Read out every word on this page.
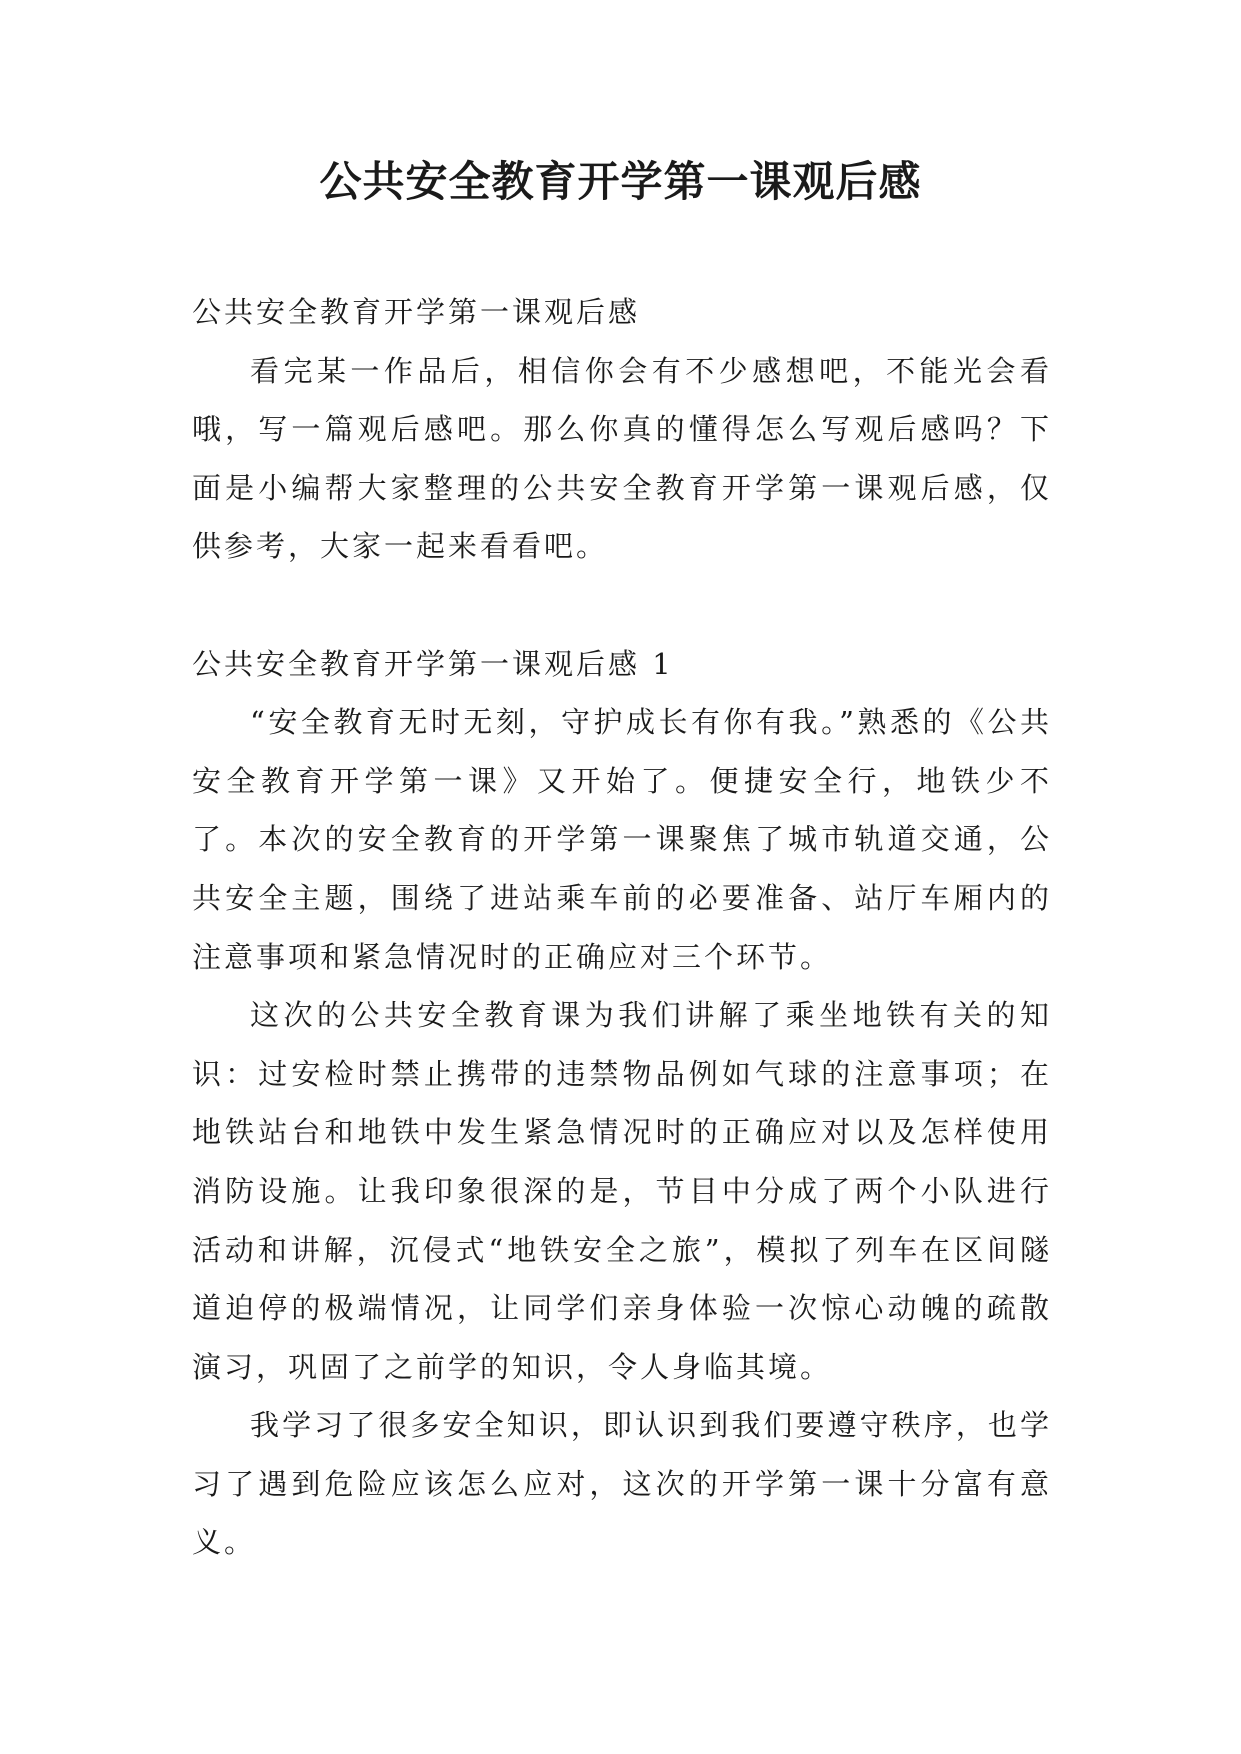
公共安全教育开学第一课观后感

公共安全教育开学第一课观后感

看完某一作品后，相信你会有不少感想吧，不能光会看哦，写一篇观后感吧。那么你真的懂得怎么写观后感吗？下面是小编帮大家整理的公共安全教育开学第一课观后感，仅供参考，大家一起来看看吧。

公共安全教育开学第一课观后感 1

“安全教育无时无刻，守护成长有你有我。”熟悉的《公共安全教育开学第一课》又开始了。便捷安全行，地铁少不了。本次的安全教育的开学第一课聚焦了城市轨道交通，公共安全主题，围绕了进站乘车前的必要准备、站厅车厢内的注意事项和紧急情况时的正确应对三个环节。

这次的公共安全教育课为我们讲解了乘坐地铁有关的知识：过安检时禁止携带的违禁物品例如气球的注意事项；在地铁站台和地铁中发生紧急情况时的正确应对以及怎样使用消防设施。让我印象很深的是，节目中分成了两个小队进行活动和讲解，沉侵式“地铁安全之旅”，模拟了列车在区间隧道迫停的极端情况，让同学们亲身体验一次惊心动魄的疏散演习，巩固了之前学的知识，令人身临其境。

我学习了很多安全知识，即认识到我们要遵守秩序，也学习了遇到危险应该怎么应对，这次的开学第一课十分富有意义。
